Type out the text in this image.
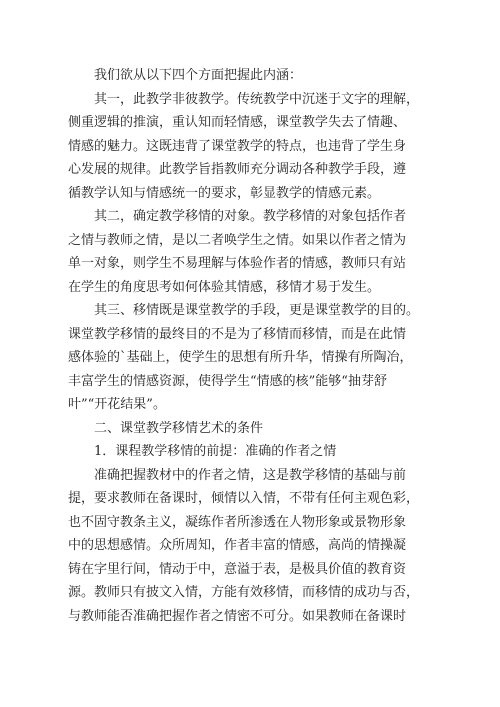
我们欲从以下四个方面把握此内涵：

其一，此教学非彼教学。传统教学中沉迷于文字的理解，
侧重逻辑的推演，重认知而轻情感，课堂教学失去了情趣、
情感的魅力。这既违背了课堂教学的特点，也违背了学生身
心发展的规律。此教学旨指教师充分调动各种教学手段，遵
循教学认知与情感统一的要求，彰显教学的情感元素。

其二，确定教学移情的对象。教学移情的对象包括作者
之情与教师之情，是以二者唤学生之情。如果以作者之情为
单一对象，则学生不易理解与体验作者的情感，教师只有站
在学生的角度思考如何体验其情感，移情才易于发生。

其三、移情既是课堂教学的手段，更是课堂教学的目的。
课堂教学移情的最终目的不是为了移情而移情，而是在此情
感体验的`基础上，使学生的思想有所升华，情操有所陶冶，
丰富学生的情感资源，使得学生“情感的核”能够“抽芽舒
叶”“开花结果”。

二、课堂教学移情艺术的条件

1．课程教学移情的前提：准确的作者之情

准确把握教材中的作者之情，这是教学移情的基础与前
提，要求教师在备课时，倾情以入情，不带有任何主观色彩，
也不固守教条主义，凝练作者所渗透在人物形象或景物形象
中的思想感情。众所周知，作者丰富的情感，高尚的情操凝
铸在字里行间，情动于中，意溢于表，是极具价值的教育资
源。教师只有披文入情，方能有效移情，而移情的成功与否，
与教师能否准确把握作者之情密不可分。如果教师在备课时
